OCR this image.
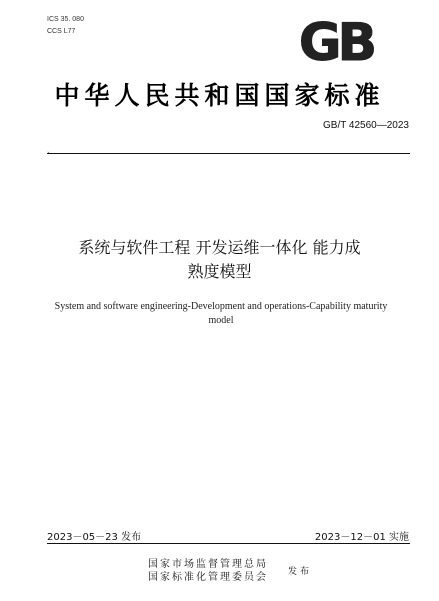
ICS 35. 080
CCS L77	GB
中华人民共和国国家标准
GB/T 42560—2023
ˇ
系统与软件工程 开发运维一体化 能力成
熟度模型
System and software engineering-Development and operations-Capability maturity
model
2023－05－23 发布	2023－12－01 实施
国家市场监督管理总局
国家标准化管理委员会 发布
